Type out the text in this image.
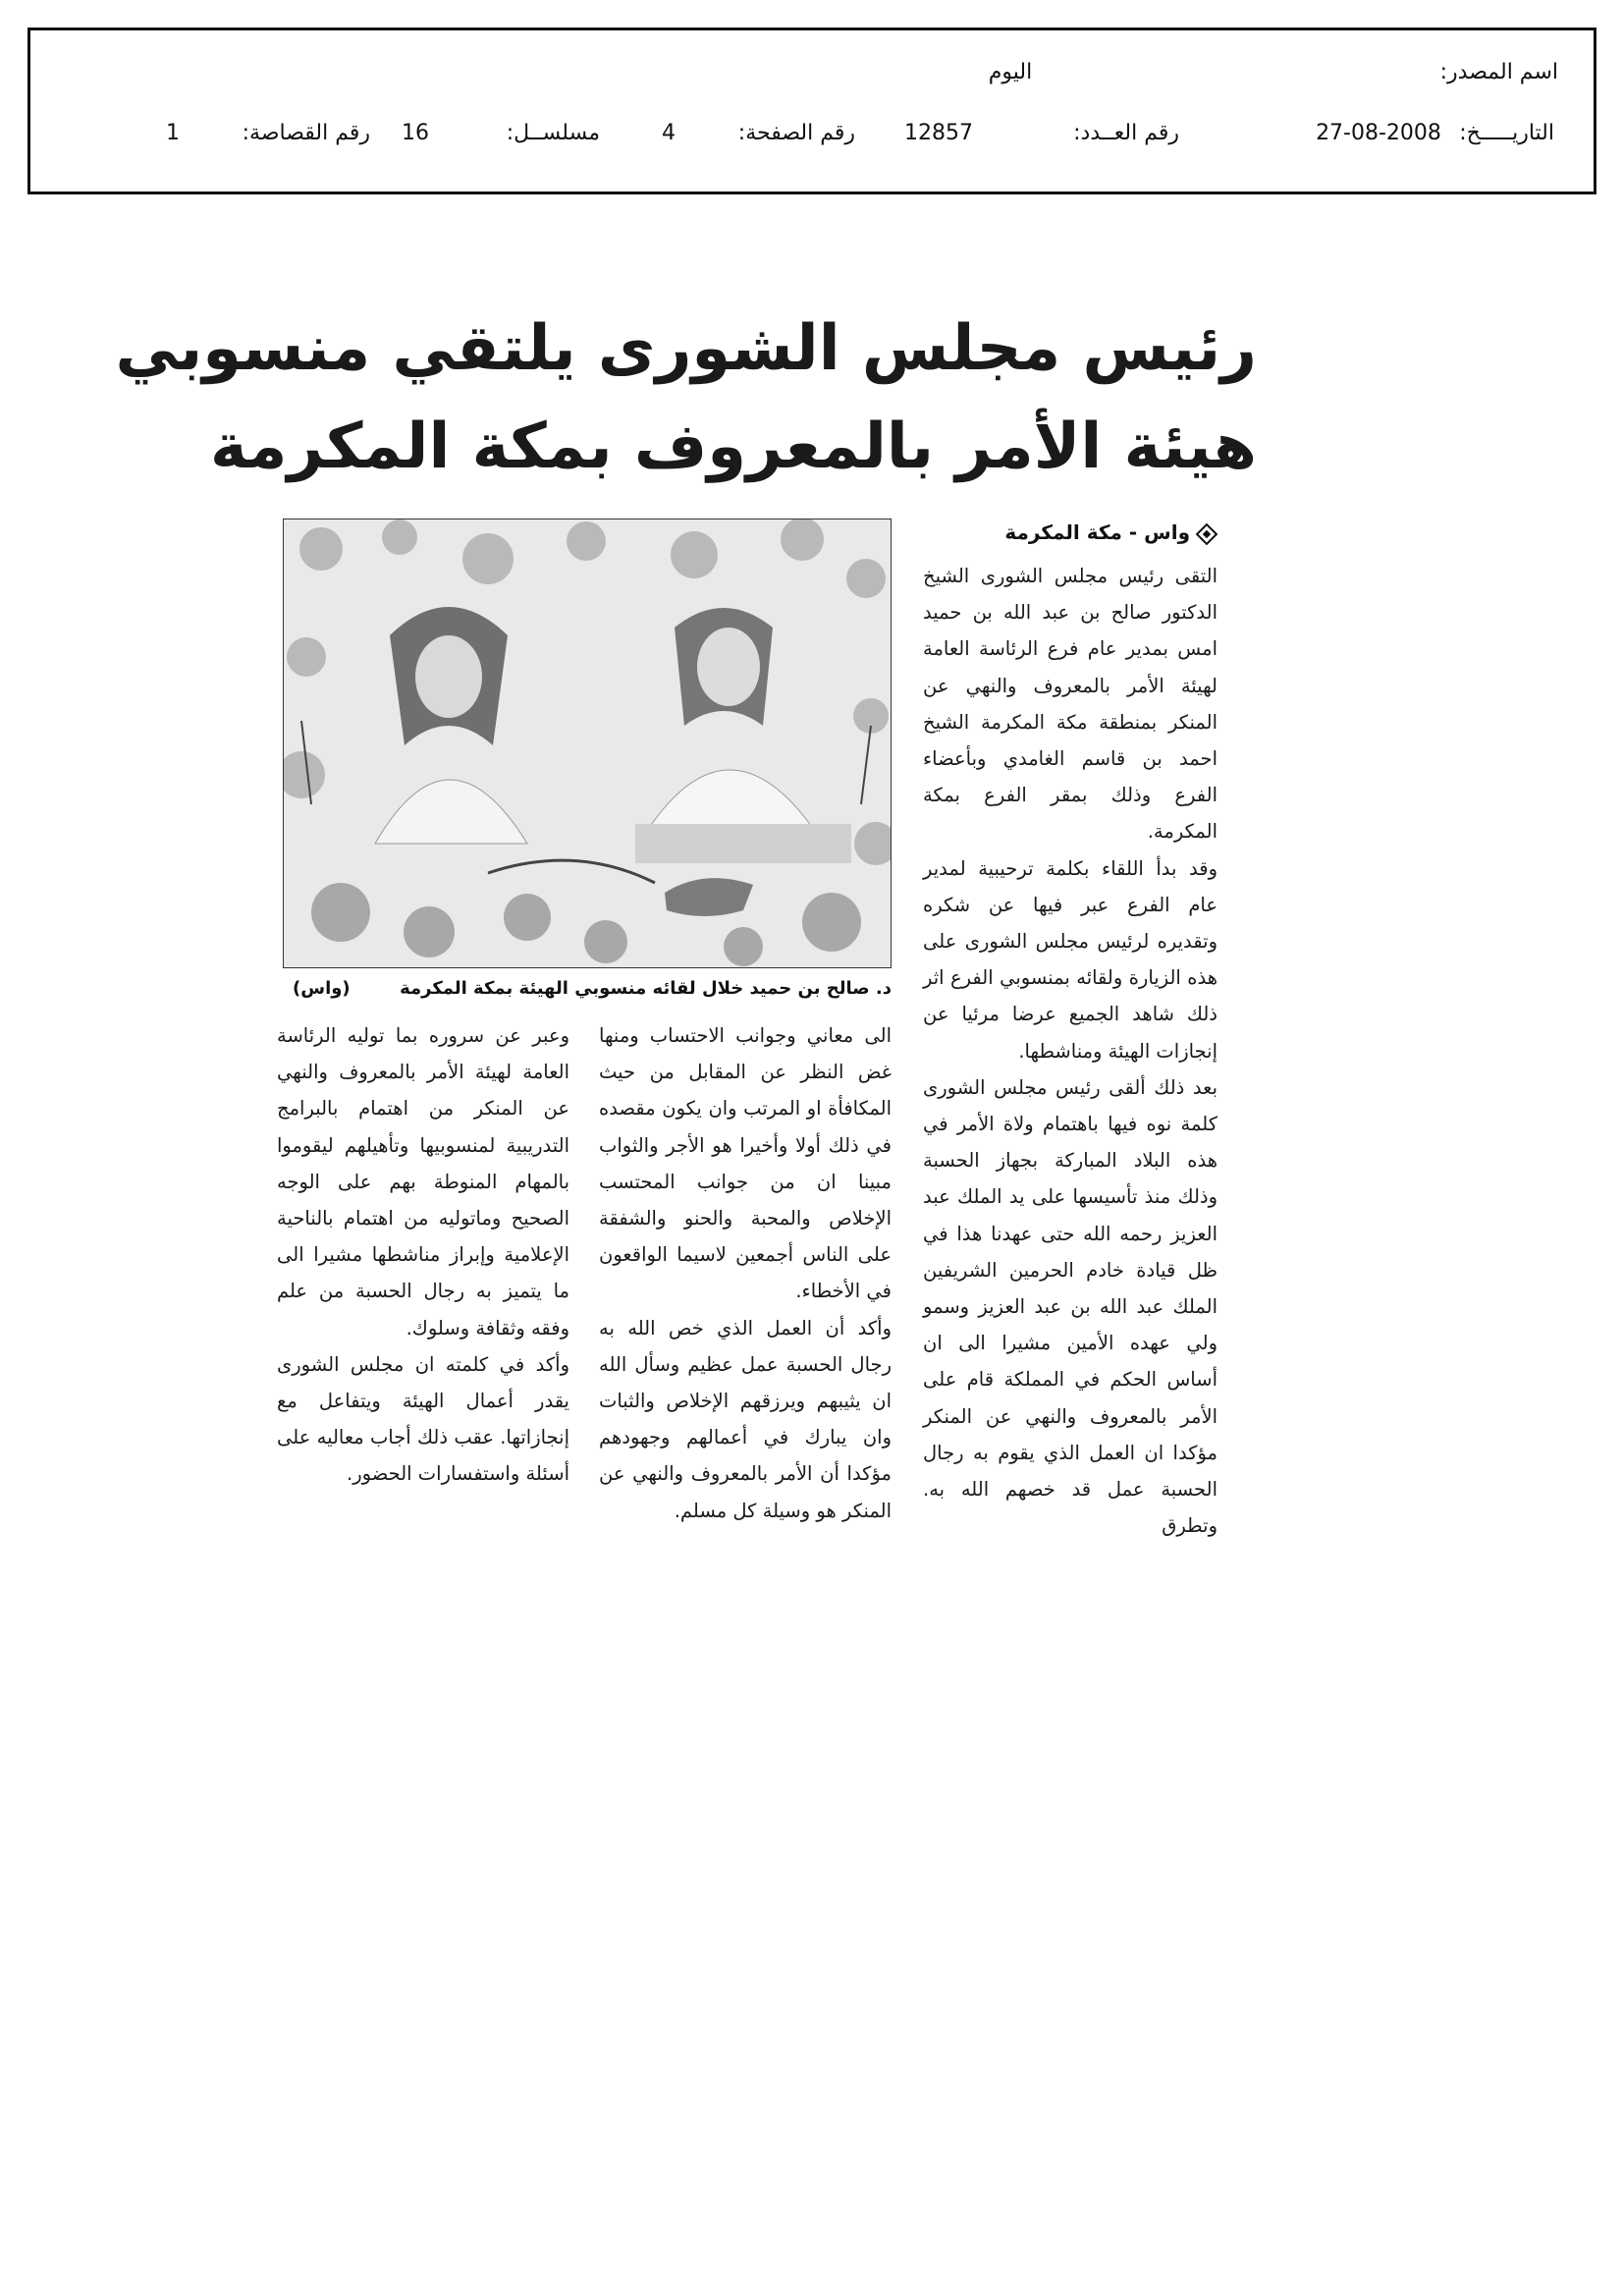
اسم المصدر:
اليوم
التاريـــــخ:
27-08-2008
رقم العــدد:
12857
رقم الصفحة:
4
مسلســل:
16
رقم القصاصة:
1
رئيس مجلس الشورى يلتقي منسوبي
هيئة الأمر بالمعروف بمكة المكرمة
واس - مكة المكرمة
د. صالح بن حميد خلال لقائه منسوبي الهيئة بمكة المكرمة
(واس)

التقى رئيس مجلس الشورى الشيخ الدكتور صالح بن عبد الله بن حميد امس بمدير عام فرع الرئاسة العامة لهيئة الأمر بالمعروف والنهي عن المنكر بمنطقة مكة المكرمة الشيخ احمد بن قاسم الغامدي وبأعضاء الفرع وذلك بمقر الفرع بمكة المكرمة.

وقد بدأ اللقاء بكلمة ترحيبية لمدير عام الفرع عبر فيها عن شكره وتقديره لرئيس مجلس الشورى على هذه الزيارة ولقائه بمنسوبي الفرع اثر ذلك شاهد الجميع عرضا مرئيا عن إنجازات الهيئة ومناشطها.

بعد ذلك ألقى رئيس مجلس الشورى كلمة نوه فيها باهتمام ولاة الأمر في هذه البلاد المباركة بجهاز الحسبة وذلك منذ تأسيسها على يد الملك عبد العزيز رحمه الله حتى عهدنا هذا في ظل قيادة خادم الحرمين الشريفين الملك عبد الله بن عبد العزيز وسمو ولي عهده الأمين مشيرا الى ان أساس الحكم في المملكة قام على الأمر بالمعروف والنهي عن المنكر مؤكدا ان العمل الذي يقوم به رجال الحسبة عمل قد خصهم الله به. وتطرق

الى معاني وجوانب الاحتساب ومنها غض النظر عن المقابل من حيث المكافأة او المرتب وان يكون مقصده في ذلك أولا وأخيرا هو الأجر والثواب مبينا ان من جوانب المحتسب الإخلاص والمحبة والحنو والشفقة على الناس أجمعين لاسيما الواقعون في الأخطاء.

وأكد أن العمل الذي خص الله به رجال الحسبة عمل عظيم وسأل الله ان يثيبهم ويرزقهم الإخلاص والثبات وان يبارك في أعمالهم وجهودهم مؤكدا أن الأمر بالمعروف والنهي عن المنكر هو وسيلة كل مسلم.

وعبر عن سروره بما توليه الرئاسة العامة لهيئة الأمر بالمعروف والنهي عن المنكر من اهتمام بالبرامج التدريبية لمنسوبيها وتأهيلهم ليقوموا بالمهام المنوطة بهم على الوجه الصحيح وماتوليه من اهتمام بالناحية الإعلامية وإبراز مناشطها مشيرا الى ما يتميز به رجال الحسبة من علم وفقه وثقافة وسلوك.

وأكد في كلمته ان مجلس الشورى يقدر أعمال الهيئة ويتفاعل مع إنجازاتها. عقب ذلك أجاب معاليه على أسئلة واستفسارات الحضور.
